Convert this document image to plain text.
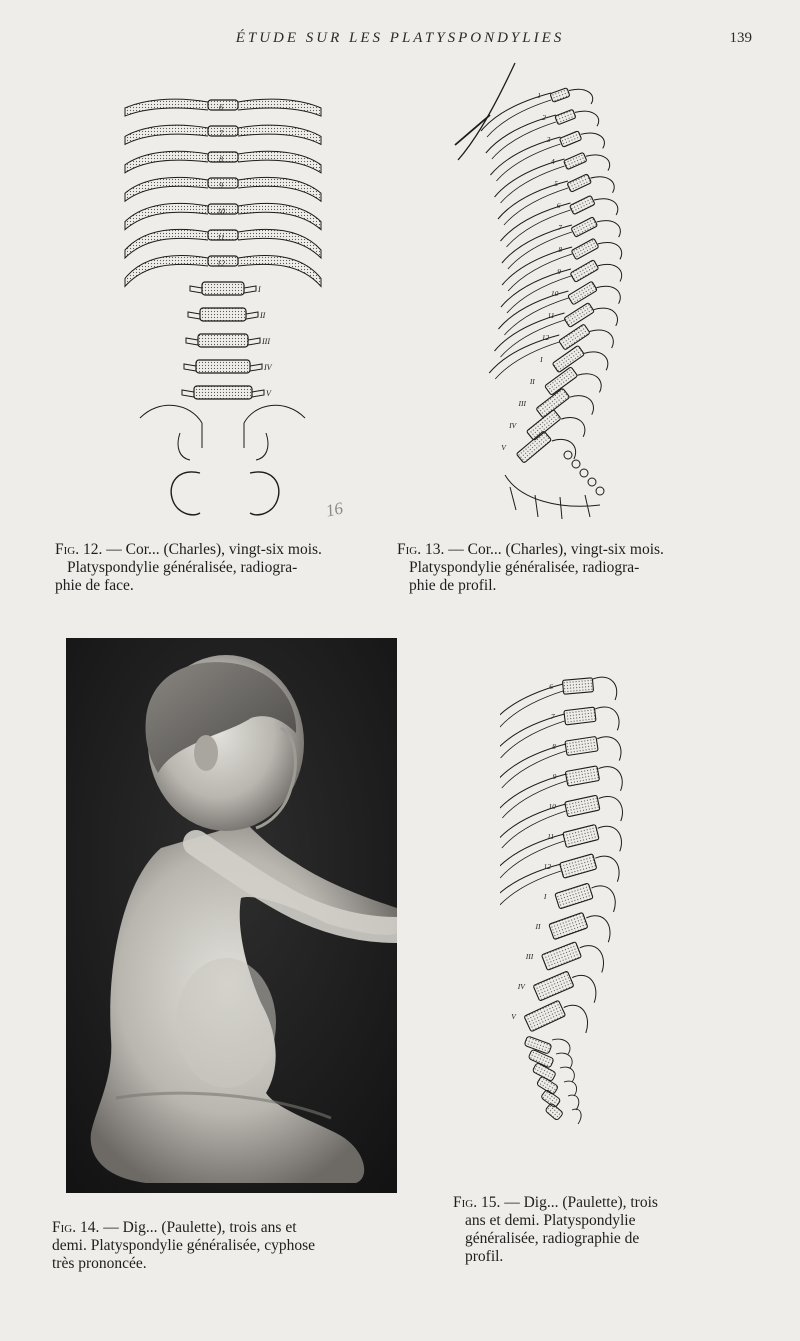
ÉTUDE SUR LES PLATYSPONDYLIES	139
6
7
8
9
10
11
12
I
II
III
IV
V
16
1
2
3
4
5
6
7
8
9
10
11
12
I
II
III
IV
V
Fig. 12. — Cor... (Charles), vingt-six mois.
Platyspondylie généralisée, radiogra-
phie de face.
Fig. 13. — Cor... (Charles), vingt-six mois.
Platyspondylie généralisée, radiogra-
phie de profil.
6
7
8
9
10
11
12
I
II
III
IV
V
Fig. 14. — Dig... (Paulette), trois ans et
demi. Platyspondylie généralisée, cyphose
très prononcée.
Fig. 15. — Dig... (Paulette), trois
ans et demi. Platyspondylie
généralisée, radiographie de
profil.
